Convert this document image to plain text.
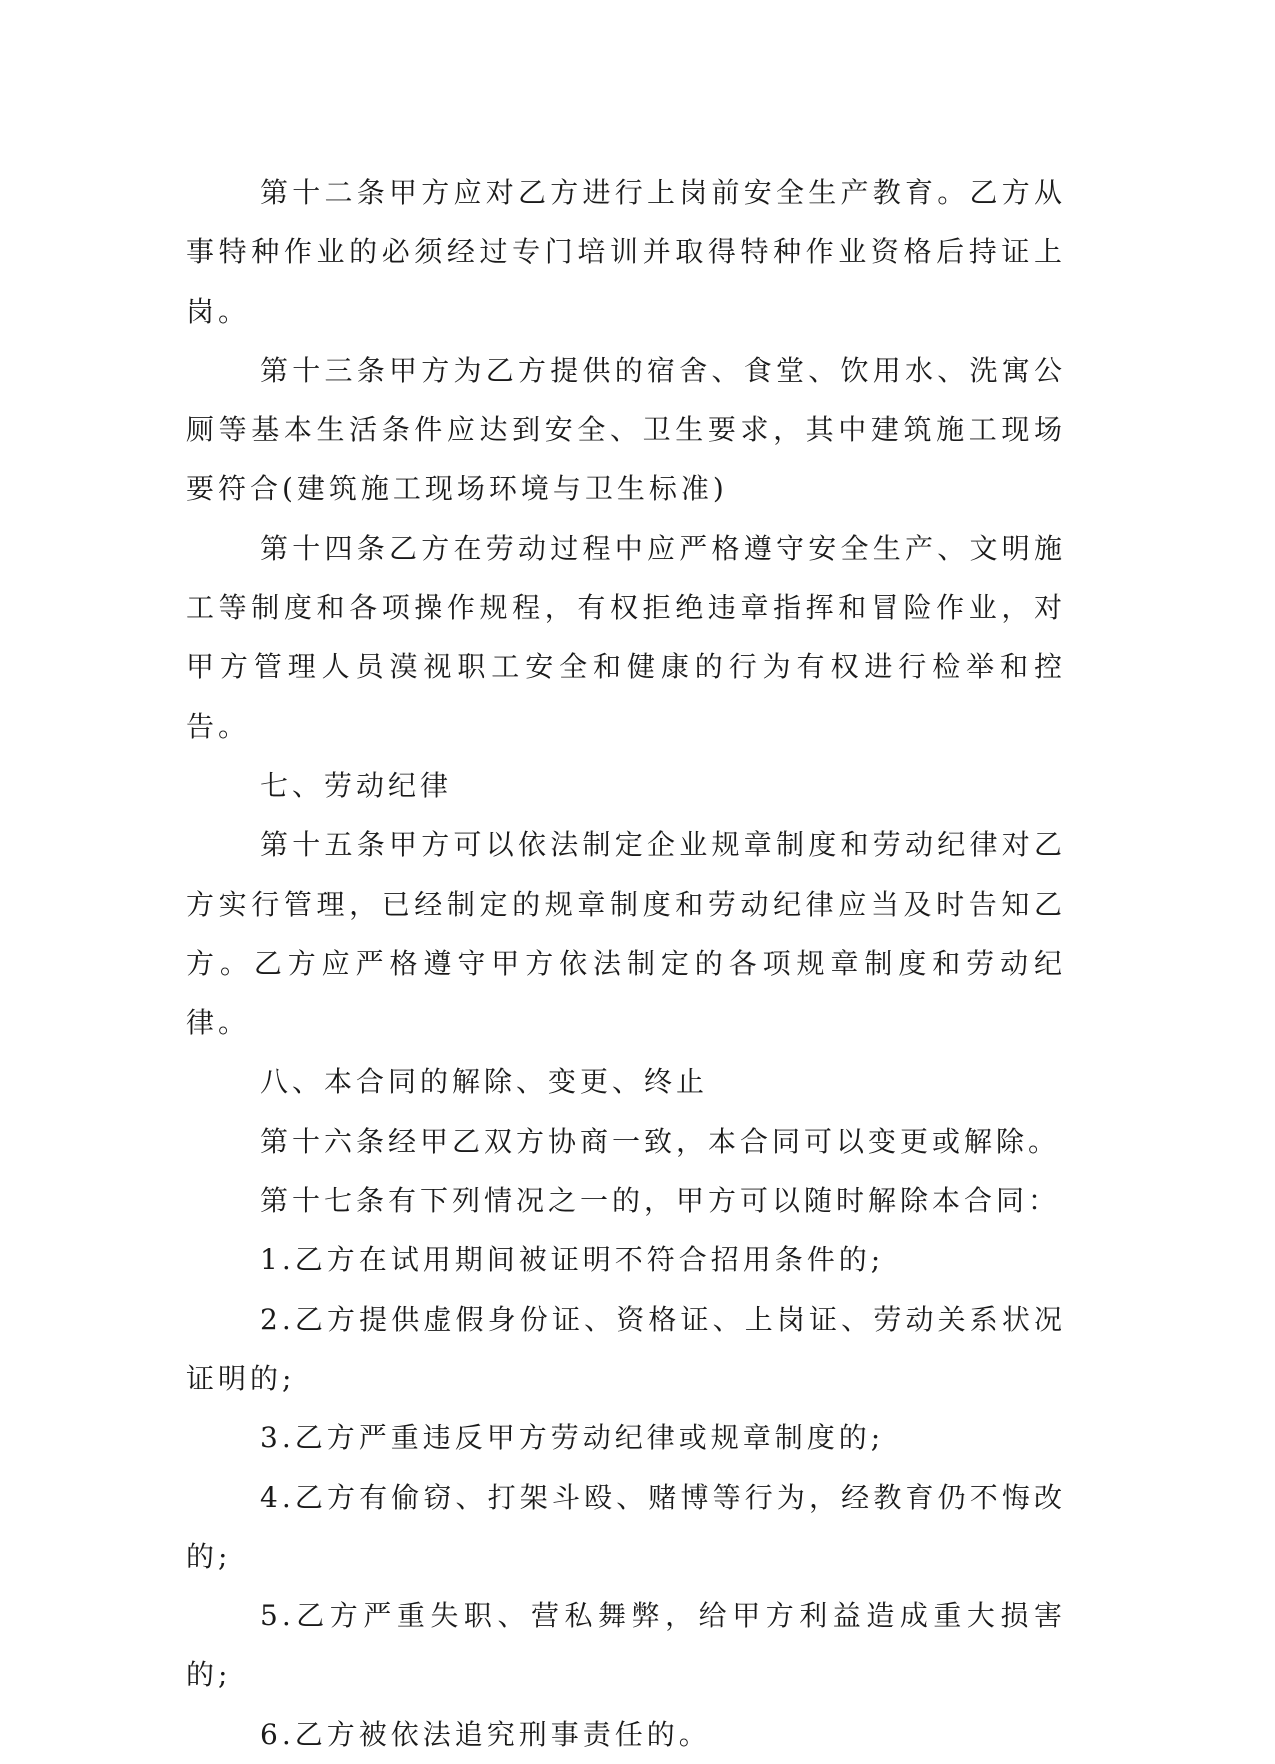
第十二条甲方应对乙方进行上岗前安全生产教育。乙方从事特种作业的必须经过专门培训并取得特种作业资格后持证上岗。

第十三条甲方为乙方提供的宿舍、食堂、饮用水、洗寓公厕等基本生活条件应达到安全、卫生要求，其中建筑施工现场要符合(建筑施工现场环境与卫生标准)

第十四条乙方在劳动过程中应严格遵守安全生产、文明施工等制度和各项操作规程，有权拒绝违章指挥和冒险作业，对甲方管理人员漠视职工安全和健康的行为有权进行检举和控告。

七、劳动纪律

第十五条甲方可以依法制定企业规章制度和劳动纪律对乙方实行管理，已经制定的规章制度和劳动纪律应当及时告知乙方。乙方应严格遵守甲方依法制定的各项规章制度和劳动纪律。

八、本合同的解除、变更、终止

第十六条经甲乙双方协商一致，本合同可以变更或解除。

第十七条有下列情况之一的，甲方可以随时解除本合同：

1.乙方在试用期间被证明不符合招用条件的;

2.乙方提供虚假身份证、资格证、上岗证、劳动关系状况证明的;

3.乙方严重违反甲方劳动纪律或规章制度的;

4.乙方有偷窃、打架斗殴、赌博等行为，经教育仍不悔改的;

5.乙方严重失职、营私舞弊，给甲方利益造成重大损害的;

6.乙方被依法追究刑事责任的。
